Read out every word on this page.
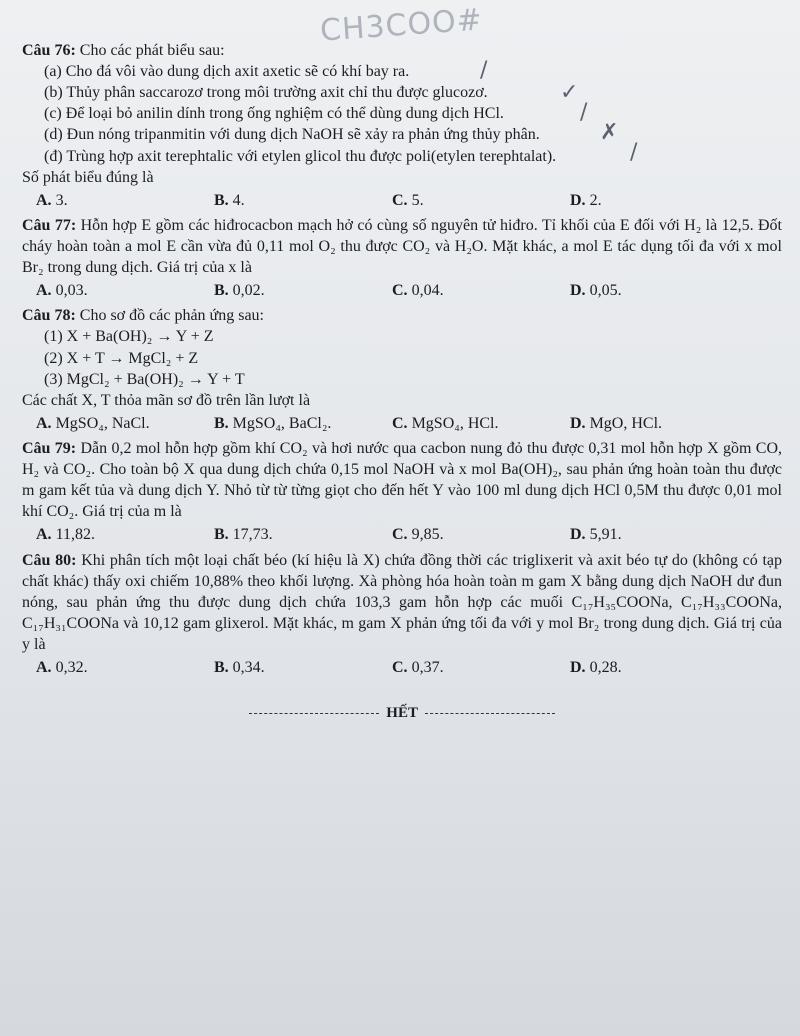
CH3COO#
Câu 76: Cho các phát biểu sau:
(a) Cho đá vôi vào dung dịch axit axetic sẽ có khí bay ra.
(b) Thủy phân saccarozơ trong môi trường axit chỉ thu được glucozơ.
(c) Để loại bỏ anilin dính trong ống nghiệm có thể dùng dung dịch HCl.
(d) Đun nóng tripanmitin với dung dịch NaOH sẽ xảy ra phản ứng thủy phân.
(đ) Trùng hợp axit terephtalic với etylen glicol thu được poli(etylen terephtalat).
Số phát biểu đúng là
A. 3.	B. 4.	C. 5.	D. 2.
Câu 77: Hỗn hợp E gồm các hiđrocacbon mạch hở có cùng số nguyên tử hiđro. Tỉ khối của E đối với H₂ là 12,5. Đốt cháy hoàn toàn a mol E cần vừa đủ 0,11 mol O₂ thu được CO₂ và H₂O. Mặt khác, a mol E tác dụng tối đa với x mol Br₂ trong dung dịch. Giá trị của x là
A. 0,03.	B. 0,02.	C. 0,04.	D. 0,05.
Câu 78: Cho sơ đồ các phản ứng sau:
(1) X + Ba(OH)₂ → Y + Z
(2) X + T → MgCl₂ + Z
(3) MgCl₂ + Ba(OH)₂ → Y + T
Các chất X, T thỏa mãn sơ đồ trên lần lượt là
A. MgSO₄, NaCl.	B. MgSO₄, BaCl₂.	C. MgSO₄, HCl.	D. MgO, HCl.
Câu 79: Dẫn 0,2 mol hỗn hợp gồm khí CO₂ và hơi nước qua cacbon nung đỏ thu được 0,31 mol hỗn hợp X gồm CO, H₂ và CO₂. Cho toàn bộ X qua dung dịch chứa 0,15 mol NaOH và x mol Ba(OH)₂, sau phản ứng hoàn toàn thu được m gam kết tủa và dung dịch Y. Nhỏ từ từ từng giọt cho đến hết Y vào 100 ml dung dịch HCl 0,5M thu được 0,01 mol khí CO₂. Giá trị của m là
A. 11,82.	B. 17,73.	C. 9,85.	D. 5,91.
Câu 80: Khi phân tích một loại chất béo (kí hiệu là X) chứa đồng thời các triglixerit và axit béo tự do (không có tạp chất khác) thấy oxi chiếm 10,88% theo khối lượng. Xà phòng hóa hoàn toàn m gam X bằng dung dịch NaOH dư đun nóng, sau phản ứng thu được dung dịch chứa 103,3 gam hỗn hợp các muối C₁₇H₃₅COONa, C₁₇H₃₃COONa, C₁₇H₃₁COONa và 10,12 gam glixerol. Mặt khác, m gam X phản ứng tối đa với y mol Br₂ trong dung dịch. Giá trị của y là
A. 0,32.	B. 0,34.	C. 0,37.	D. 0,28.
HẾT
/
✓
/
✗
/
